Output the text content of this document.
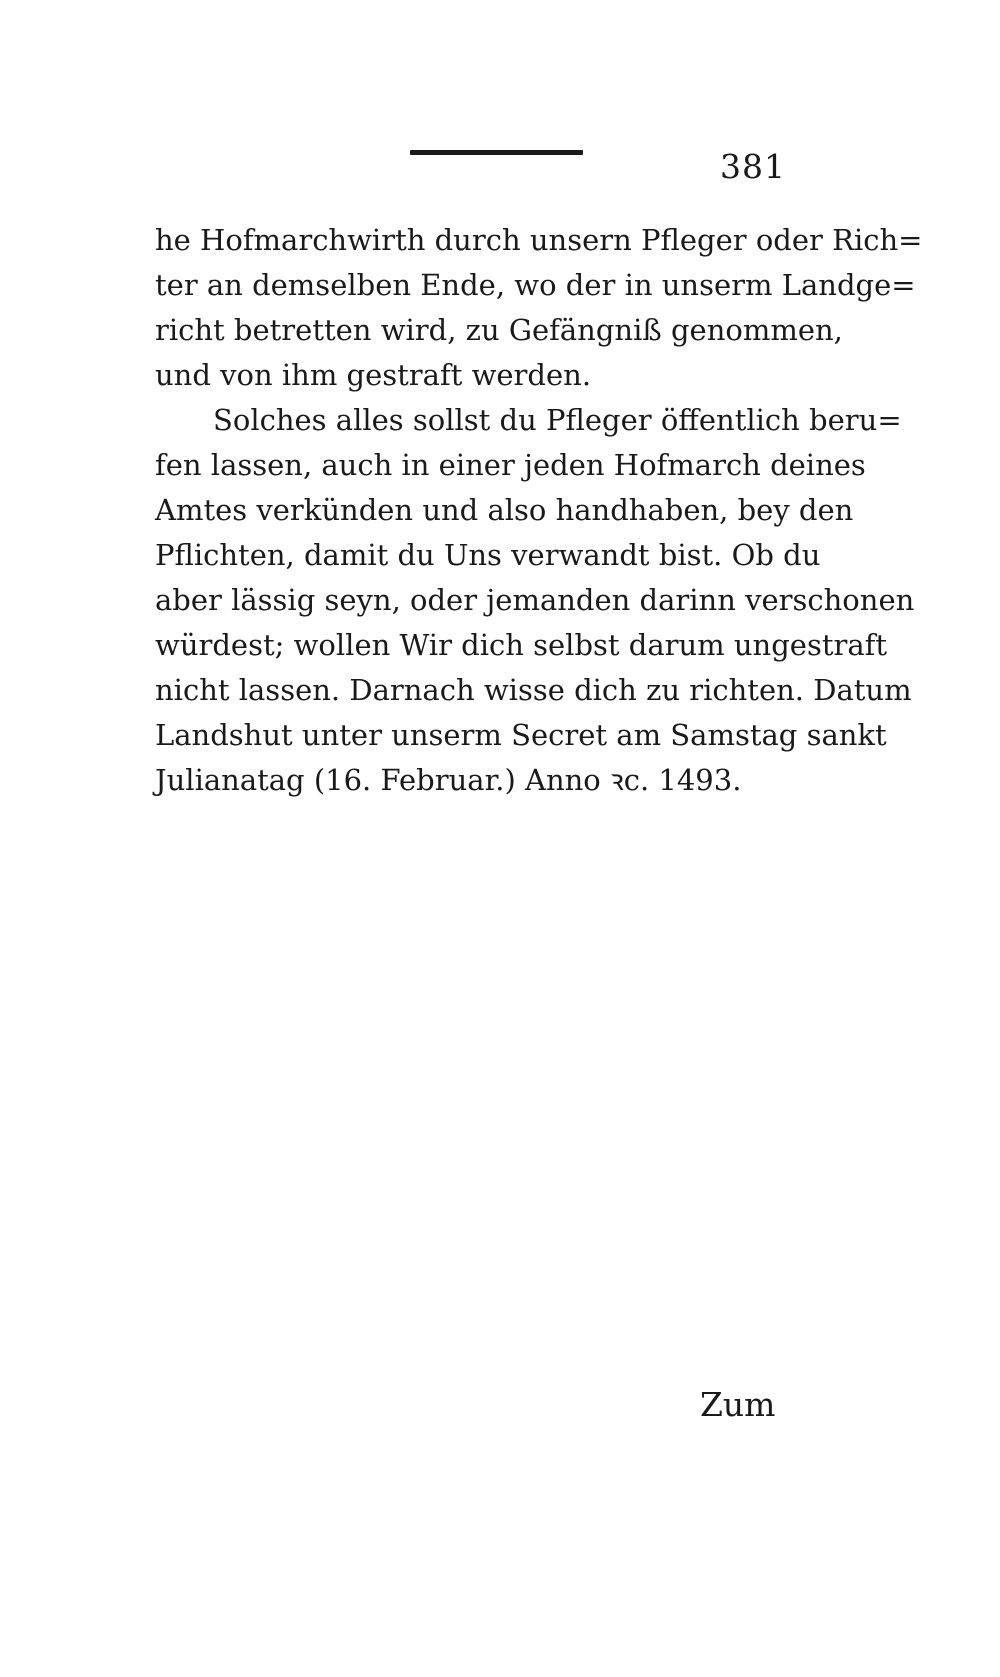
381
he Hofmarchwirth durch unsern Pfleger oder Rich=
ter an demselben Ende, wo der in unserm Landge=
richt betretten wird, zu Gefängniß genommen,
und von ihm gestraft werden.
Solches alles sollst du Pfleger öffentlich beru=
fen lassen, auch in einer jeden Hofmarch deines
Amtes verkünden und also handhaben, bey den
Pflichten, damit du Uns verwandt bist. Ob du
aber lässig seyn, oder jemanden darinn verschonen
würdest; wollen Wir dich selbst darum ungestraft
nicht lassen. Darnach wisse dich zu richten. Datum
Landshut unter unserm Secret am Samstag sankt
Julianatag (16. Februar.) Anno ꝛc. 1493.
Zum
